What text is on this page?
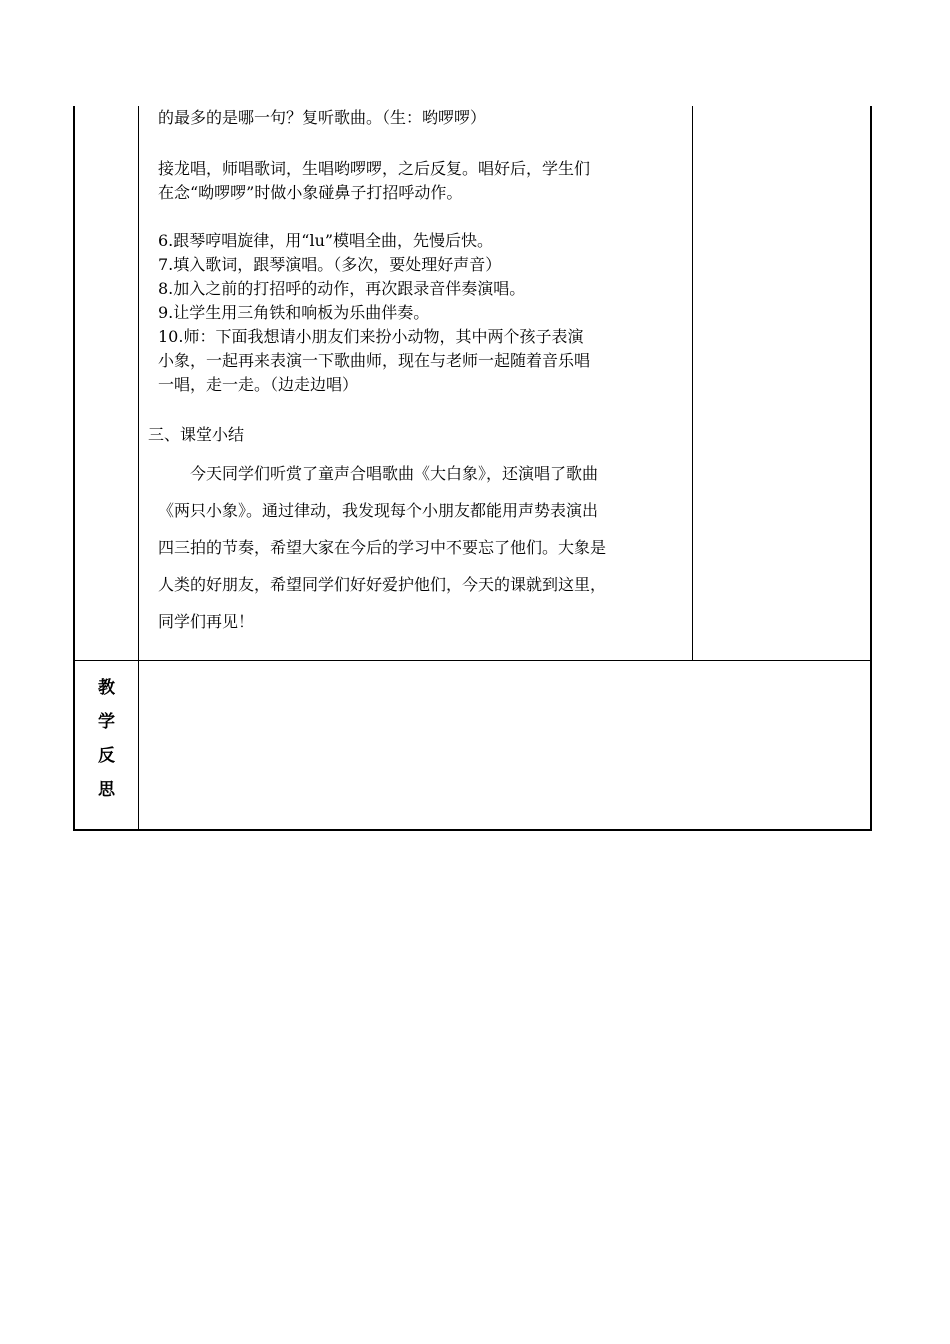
的最多的是哪一句？复听歌曲。（生：哟啰啰）
接龙唱，师唱歌词，生唱哟啰啰，之后反复。唱好后，学生们
在念“呦啰啰”时做小象碰鼻子打招呼动作。
6.跟琴哼唱旋律，用“lu”模唱全曲，先慢后快。
7.填入歌词，跟琴演唱。（多次，要处理好声音）
8.加入之前的打招呼的动作，再次跟录音伴奏演唱。
9.让学生用三角铁和响板为乐曲伴奏。
10.师：下面我想请小朋友们来扮小动物，其中两个孩子表演
小象，一起再来表演一下歌曲师，现在与老师一起随着音乐唱
一唱，走一走。（边走边唱）
三、课堂小结
今天同学们听赏了童声合唱歌曲《大白象》，还演唱了歌曲
《两只小象》。通过律动，我发现每个小朋友都能用声势表演出
四三拍的节奏，希望大家在今后的学习中不要忘了他们。大象是
人类的好朋友，希望同学们好好爱护他们，今天的课就到这里，
同学们再见！
教
学
反
思
